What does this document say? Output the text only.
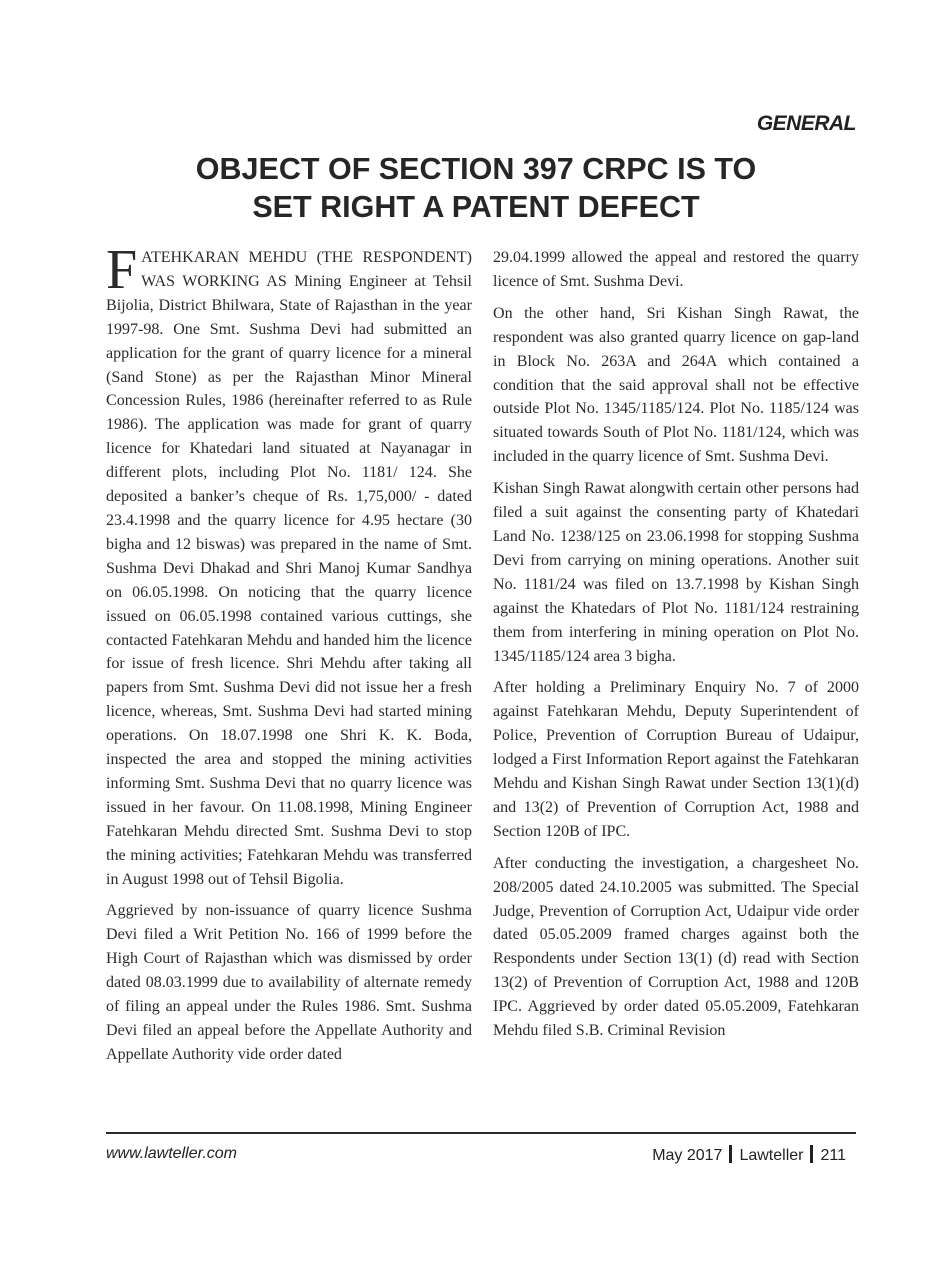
GENERAL
OBJECT OF SECTION 397 CRPC IS TO
SET RIGHT A PATENT DEFECT

FATEHKARAN MEHDU (THE RESPONDENT) WAS WORKING AS Mining Engineer at Tehsil Bijolia, District Bhilwara, State of Rajasthan in the year 1997-98. One Smt. Sushma Devi had submitted an application for the grant of quarry licence for a mineral (Sand Stone) as per the Rajasthan Minor Mineral Concession Rules, 1986 (hereinafter referred to as Rule 1986). The application was made for grant of quarry licence for Khatedari land situated at Nayanagar in different plots, including Plot No. 1181/ 124. She deposited a banker’s cheque of Rs. 1,75,000/ - dated 23.4.1998 and the quarry licence for 4.95 hectare (30 bigha and 12 biswas) was prepared in the name of Smt. Sushma Devi Dhakad and Shri Manoj Kumar Sandhya on 06.05.1998. On noticing that the quarry licence issued on 06.05.1998 contained various cuttings, she contacted Fatehkaran Mehdu and handed him the licence for issue of fresh licence. Shri Mehdu after taking all papers from Smt. Sushma Devi did not issue her a fresh licence, whereas, Smt. Sushma Devi had started mining operations. On 18.07.1998 one Shri K. K. Boda, inspected the area and stopped the mining activities informing Smt. Sushma Devi that no quarry licence was issued in her favour. On 11.08.1998, Mining Engineer Fatehkaran Mehdu directed Smt. Sushma Devi to stop the mining activities; Fatehkaran Mehdu was transferred in August 1998 out of Tehsil Bigolia.

Aggrieved by non-issuance of quarry licence Sushma Devi filed a Writ Petition No. 166 of 1999 before the High Court of Rajasthan which was dismissed by order dated 08.03.1999 due to availability of alternate remedy of filing an appeal under the Rules 1986. Smt. Sushma Devi filed an appeal before the Appellate Authority and Appellate Authority vide order dated

29.04.1999 allowed the appeal and restored the quarry licence of Smt. Sushma Devi.

On the other hand, Sri Kishan Singh Rawat, the respondent was also granted quarry licence on gap-land in Block No. 263A and 264A which contained a condition that the said approval shall not be effective outside Plot No. 1345/1185/124. Plot No. 1185/124 was situated towards South of Plot No. 1181/124, which was included in the quarry licence of Smt. Sushma Devi.

Kishan Singh Rawat alongwith certain other persons had filed a suit against the consenting party of Khatedari Land No. 1238/125 on 23.06.1998 for stopping Sushma Devi from carrying on mining operations. Another suit No. 1181/24 was filed on 13.7.1998 by Kishan Singh against the Khatedars of Plot No. 1181/124 restraining them from interfering in mining operation on Plot No. 1345/1185/124 area 3 bigha.

After holding a Preliminary Enquiry No. 7 of 2000 against Fatehkaran Mehdu, Deputy Superintendent of Police, Prevention of Corruption Bureau of Udaipur, lodged a First Information Report against the Fatehkaran Mehdu and Kishan Singh Rawat under Section 13(1)(d) and 13(2) of Prevention of Corruption Act, 1988 and Section 120B of IPC.

After conducting the investigation, a chargesheet No. 208/2005 dated 24.10.2005 was submitted. The Special Judge, Prevention of Corruption Act, Udaipur vide order dated 05.05.2009 framed charges against both the Respondents under Section 13(1) (d) read with Section 13(2) of Prevention of Corruption Act, 1988 and 120B IPC. Aggrieved by order dated 05.05.2009, Fatehkaran Mehdu filed S.B. Criminal Revision

www.lawteller.com	May 2017 Lawteller 211
